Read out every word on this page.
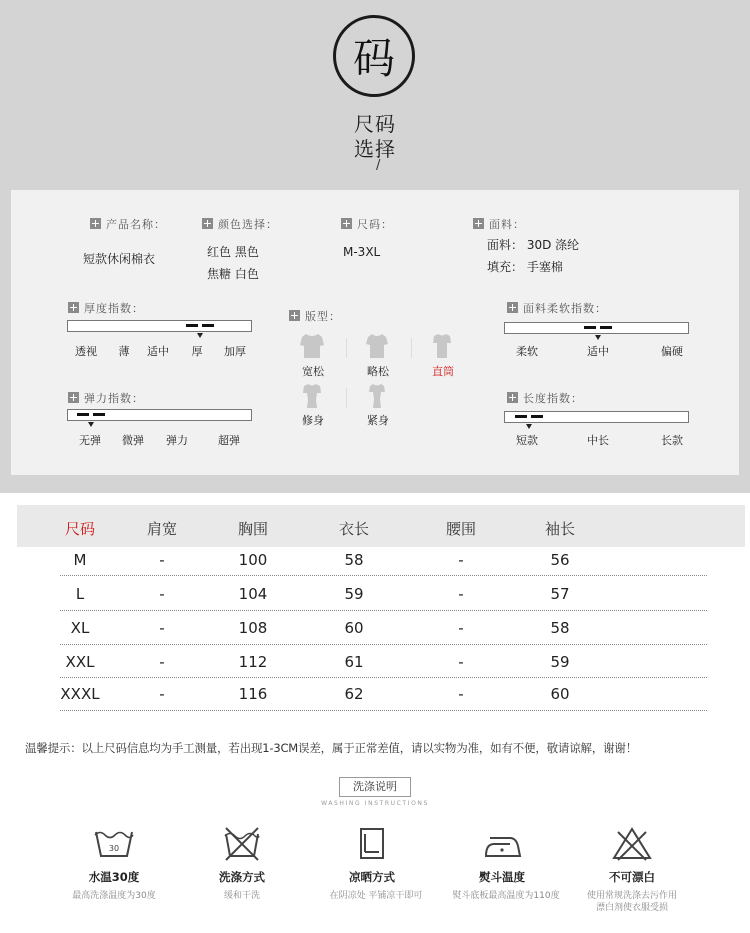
码
尺码
选择
/
产品名称：
短款休闲棉衣
颜色选择：
红色 黑色
焦糖 白色
尺码：
M-3XL
面料：
面料： 30D 涤纶
填充： 手塞棉
厚度指数：
透视 薄 适中 厚 加厚
弹力指数：
无弹 微弹 弹力	超弹
版型：
宽松	略松	直筒
修身	紧身
面料柔软指数：
柔软	适中	偏硬
长度指数：
短款	中长	长款
尺码	肩宽	胸围	衣长	腰围	袖长
M	-	100	58	-	56
L	-	104	59	-	57
XL	-	108	60	-	58
XXL	-	112	61	-	59
XXXL	-	116	62	-	60
温馨提示：以上尺码信息均为手工测量，若出现1-3CM误差，属于正常差值，请以实物为准，如有不便，敬请谅解，谢谢！
洗涤说明
WASHING INSTRUCTIONS
30
水温30度	洗涤方式	凉晒方式	熨斗温度	不可漂白
最高洗涤温度为30度	缓和干洗	在阴凉处 平铺凉干即可	熨斗底板最高温度为110度	使用常规洗涤去污作用
漂白剂使衣服受损
